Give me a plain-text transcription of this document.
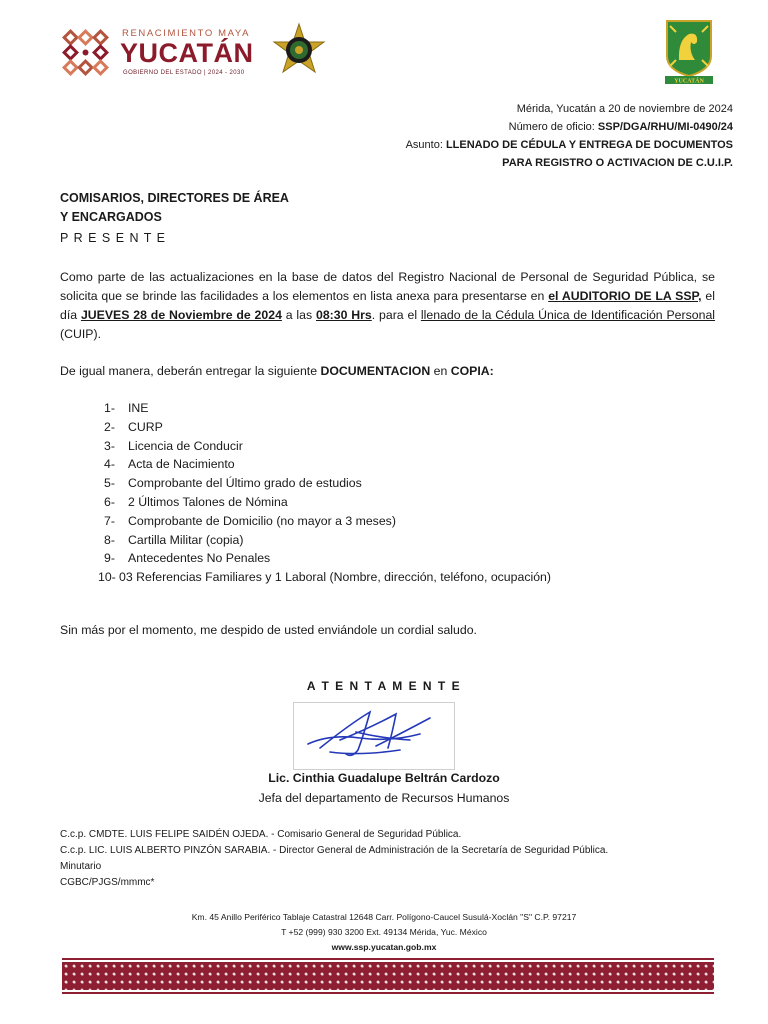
RENACIMIENTO MAYA
YUCATÁN
GOBIERNO DEL ESTADO | 2024 - 2030
YUCATÁN
Mérida, Yucatán a 20 de noviembre de 2024
Número de oficio: SSP/DGA/RHU/MI-0490/24
Asunto: LLENADO DE CÉDULA Y ENTREGA DE DOCUMENTOS
PARA REGISTRO O ACTIVACION DE C.U.I.P.
COMISARIOS, DIRECTORES DE ÁREA
Y ENCARGADOS
P R E S E N T E
Como parte de las actualizaciones en la base de datos del Registro Nacional de Personal de Seguridad Pública, se solicita que se brinde las facilidades a los elementos en lista anexa para presentarse en el AUDITORIO DE LA SSP, el día JUEVES 28 de Noviembre de 2024 a las 08:30 Hrs. para el llenado de la Cédula Única de Identificación Personal (CUIP).
De igual manera, deberán entregar la siguiente DOCUMENTACION en COPIA:
1- INE
2- CURP
3- Licencia de Conducir
4- Acta de Nacimiento
5- Comprobante del Último grado de estudios
6- 2 Últimos Talones de Nómina
7- Comprobante de Domicilio (no mayor a 3 meses)
8- Cartilla Militar (copia)
9- Antecedentes No Penales
10- 03 Referencias Familiares y 1 Laboral (Nombre, dirección, teléfono, ocupación)
Sin más por el momento, me despido de usted enviándole un cordial saludo.
A T E N T A M E N T E
Lic. Cinthia Guadalupe Beltrán Cardozo
Jefa del departamento de Recursos Humanos
C.c.p. CMDTE. LUIS FELIPE SAIDÉN OJEDA. - Comisario General de Seguridad Pública.
C.c.p. LIC. LUIS ALBERTO PINZÓN SARABIA. - Director General de Administración de la Secretaría de Seguridad Pública.
Minutario
CGBC/PJGS/mmmc*
Km. 45 Anillo Periférico Tablaje Catastral 12648 Carr. Polígono-Caucel Susulá-Xoclán "S" C.P. 97217
T +52 (999) 930 3200 Ext. 49134 Mérida, Yuc. México
www.ssp.yucatan.gob.mx
